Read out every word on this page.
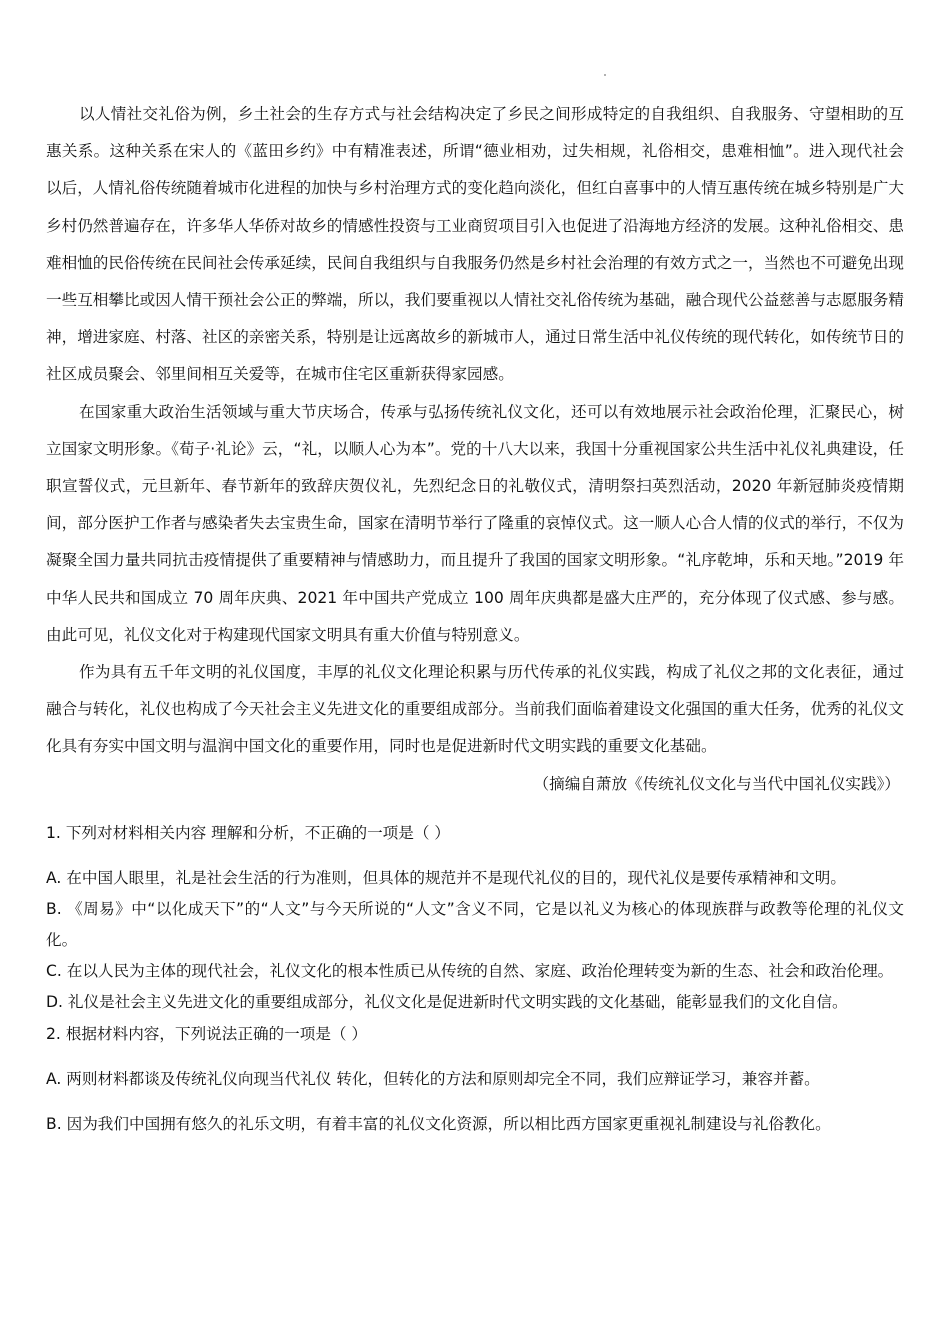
以人情社交礼俗为例，乡土社会的生存方式与社会结构决定了乡民之间形成特定的自我组织、自我服务、守望相助的互惠关系。这种关系在宋人的《蓝田乡约》中有精准表述，所谓“德业相劝，过失相规，礼俗相交，患难相恤”。进入现代社会以后，人情礼俗传统随着城市化进程的加快与乡村治理方式的变化趋向淡化，但红白喜事中的人情互惠传统在城乡特别是广大乡村仍然普遍存在，许多华人华侨对故乡的情感性投资与工业商贸项目引入也促进了沿海地方经济的发展。这种礼俗相交、患难相恤的民俗传统在民间社会传承延续，民间自我组织与自我服务仍然是乡村社会治理的有效方式之一，当然也不可避免出现一些互相攀比或因人情干预社会公正的弊端，所以，我们要重视以人情社交礼俗传统为基础，融合现代公益慈善与志愿服务精神，增进家庭、村落、社区的亲密关系，特别是让远离故乡的新城市人，通过日常生活中礼仪传统的现代转化，如传统节日的社区成员聚会、邻里间相互关爱等，在城市住宅区重新获得家园感。

在国家重大政治生活领域与重大节庆场合，传承与弘扬传统礼仪文化，还可以有效地展示社会政治伦理，汇聚民心，树立国家文明形象。《荀子·礼论》云，“礼，以顺人心为本”。党的十八大以来，我国十分重视国家公共生活中礼仪礼典建设，任职宣誓仪式，元旦新年、春节新年的致辞庆贺仪礼，先烈纪念日的礼敬仪式，清明祭扫英烈活动，2020 年新冠肺炎疫情期间，部分医护工作者与感染者失去宝贵生命，国家在清明节举行了隆重的哀悼仪式。这一顺人心合人情的仪式的举行，不仅为凝聚全国力量共同抗击疫情提供了重要精神与情感助力，而且提升了我国的国家文明形象。“礼序乾坤，乐和天地。”2019 年中华人民共和国成立 70 周年庆典、2021 年中国共产党成立 100 周年庆典都是盛大庄严的，充分体现了仪式感、参与感。由此可见，礼仪文化对于构建现代国家文明具有重大价值与特别意义。

作为具有五千年文明的礼仪国度，丰厚的礼仪文化理论积累与历代传承的礼仪实践，构成了礼仪之邦的文化表征，通过融合与转化，礼仪也构成了今天社会主义先进文化的重要组成部分。当前我们面临着建设文化强国的重大任务，优秀的礼仪文化具有夯实中国文明与温润中国文化的重要作用，同时也是促进新时代文明实践的重要文化基础。

（摘编自萧放《传统礼仪文化与当代中国礼仪实践》）

1. 下列对材料相关内容 理解和分析，不正确的一项是（ ）

A. 在中国人眼里，礼是社会生活的行为准则，但具体的规范并不是现代礼仪的目的，现代礼仪是要传承精神和文明。

B. 《周易》中“以化成天下”的“人文”与今天所说的“人文”含义不同，它是以礼义为核心的体现族群与政教等伦理的礼仪文化。

C. 在以人民为主体的现代社会，礼仪文化的根本性质已从传统的自然、家庭、政治伦理转变为新的生态、社会和政治伦理。

D. 礼仪是社会主义先进文化的重要组成部分，礼仪文化是促进新时代文明实践的文化基础，能彰显我们的文化自信。

2. 根据材料内容，下列说法正确的一项是（ ）

A. 两则材料都谈及传统礼仪向现当代礼仪 转化，但转化的方法和原则却完全不同，我们应辩证学习，兼容并蓄。

B. 因为我们中国拥有悠久的礼乐文明，有着丰富的礼仪文化资源，所以相比西方国家更重视礼制建设与礼俗教化。
